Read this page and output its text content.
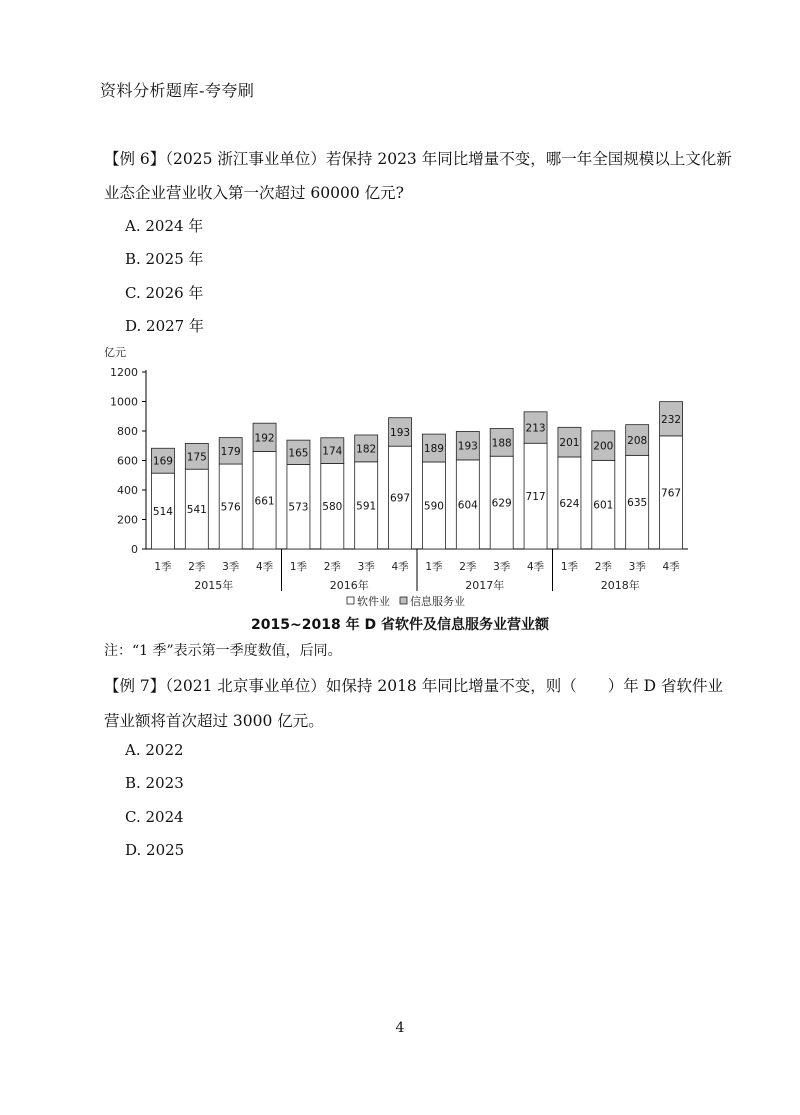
资料分析题库-夸夸刷
【例 6】（2025 浙江事业单位）若保持 2023 年同比增量不变，哪一年全国规模以上文化新
业态企业营业收入第一次超过 60000 亿元?
A. 2024 年
B. 2025 年
C. 2026 年
D. 2027 年
亿元
0
200
400
600
800
1000
1200
514
169
1季
541
175
2季
576
179
3季
661
192
4季
573
165
1季
580
174
2季
591
182
3季
697
193
4季
590
189
1季
604
193
2季
629
188
3季
717
213
4季
624
201
1季
601
200
2季
635
208
3季
767
232
4季
2015年	2016年	2017年	2018年
软件业 信息服务业
2015~2018 年 D 省软件及信息服务业营业额
注：“1 季”表示第一季度数值，后同。
【例 7】（2021 北京事业单位）如保持 2018 年同比增量不变，则（　　）年 D 省软件业
营业额将首次超过 3000 亿元。
A. 2022
B. 2023
C. 2024
D. 2025
4
